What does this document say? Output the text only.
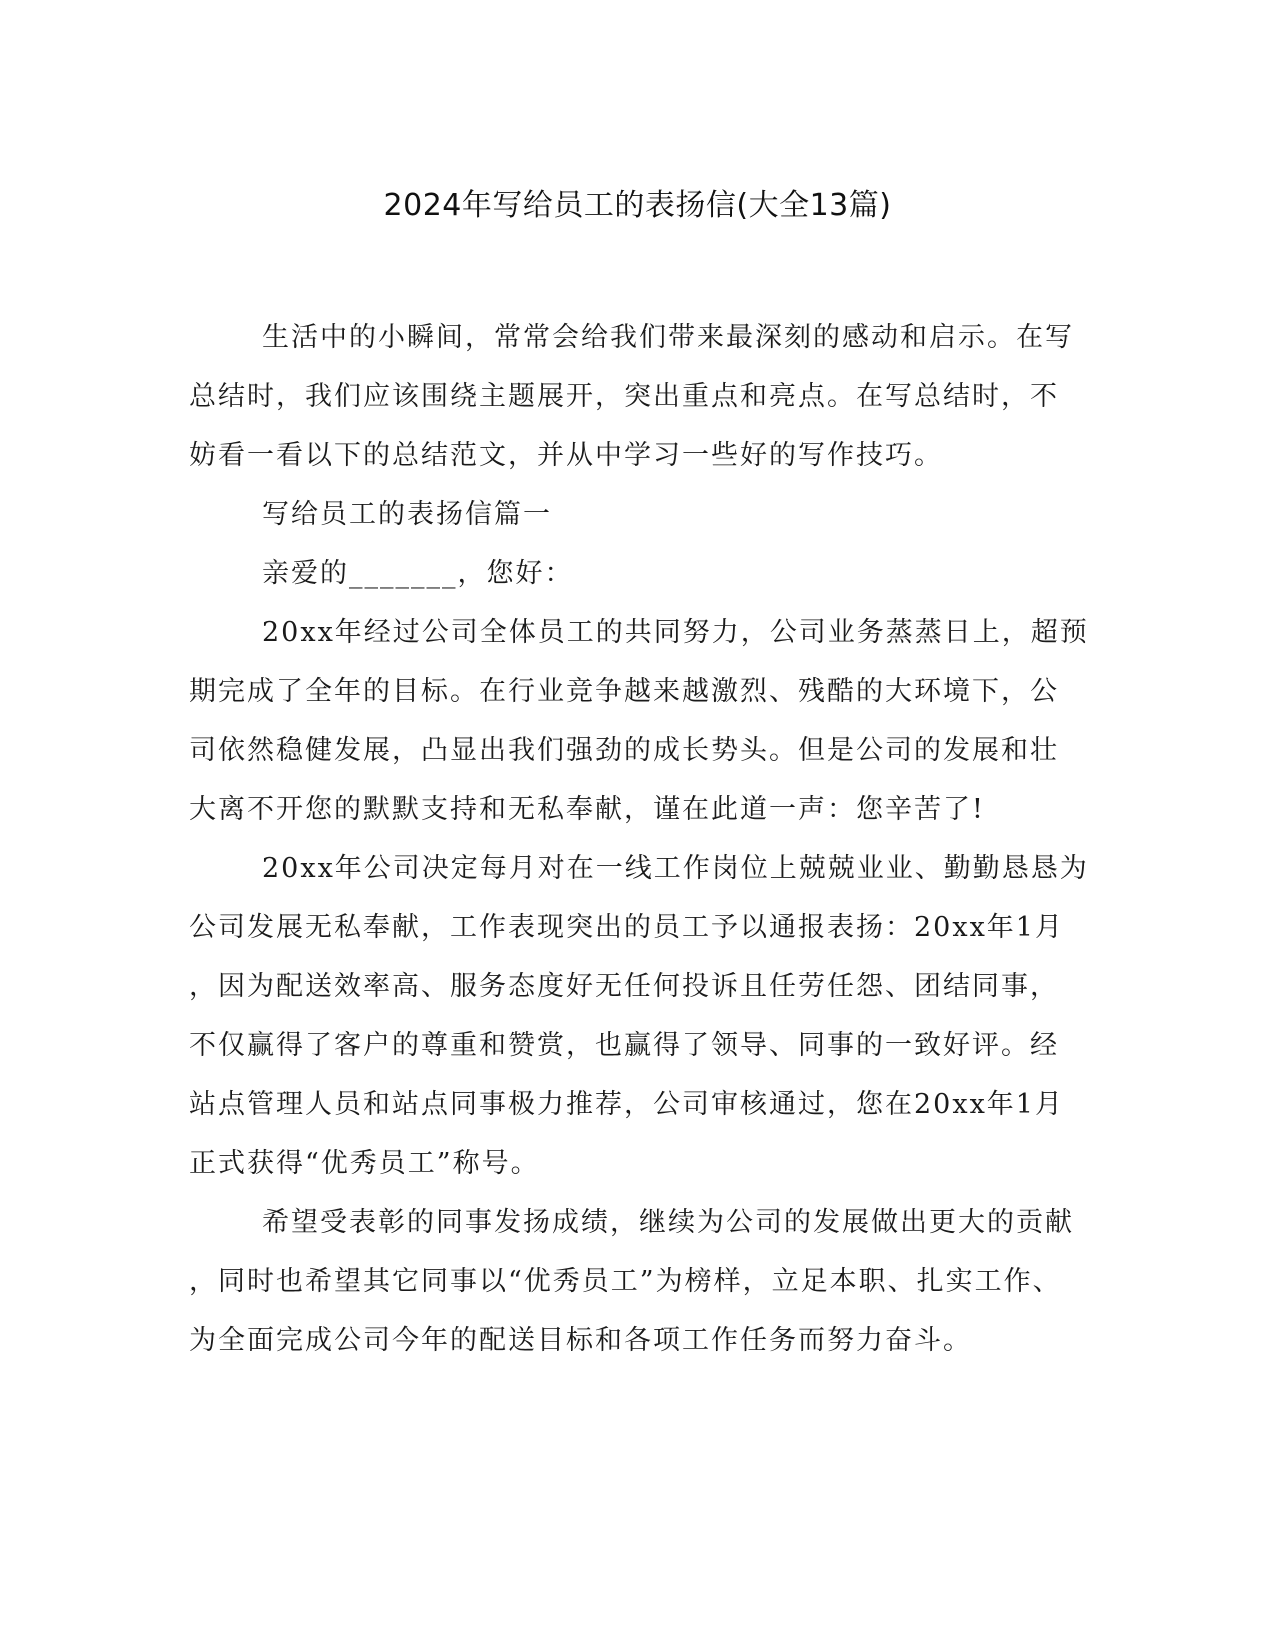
2024年写给员工的表扬信(大全13篇)
生活中的小瞬间，常常会给我们带来最深刻的感动和启示。在写
总结时，我们应该围绕主题展开，突出重点和亮点。在写总结时，不
妨看一看以下的总结范文，并从中学习一些好的写作技巧。
写给员工的表扬信篇一
亲爱的_______，您好：
20xx年经过公司全体员工的共同努力，公司业务蒸蒸日上，超预
期完成了全年的目标。在行业竞争越来越激烈、残酷的大环境下，公
司依然稳健发展，凸显出我们强劲的成长势头。但是公司的发展和壮
大离不开您的默默支持和无私奉献，谨在此道一声：您辛苦了!
20xx年公司决定每月对在一线工作岗位上兢兢业业、勤勤恳恳为
公司发展无私奉献，工作表现突出的员工予以通报表扬：20xx年1月
，因为配送效率高、服务态度好无任何投诉且任劳任怨、团结同事，
不仅赢得了客户的尊重和赞赏，也赢得了领导、同事的一致好评。经
站点管理人员和站点同事极力推荐，公司审核通过，您在20xx年1月
正式获得“优秀员工”称号。
希望受表彰的同事发扬成绩，继续为公司的发展做出更大的贡献
，同时也希望其它同事以“优秀员工”为榜样，立足本职、扎实工作、
为全面完成公司今年的配送目标和各项工作任务而努力奋斗。
